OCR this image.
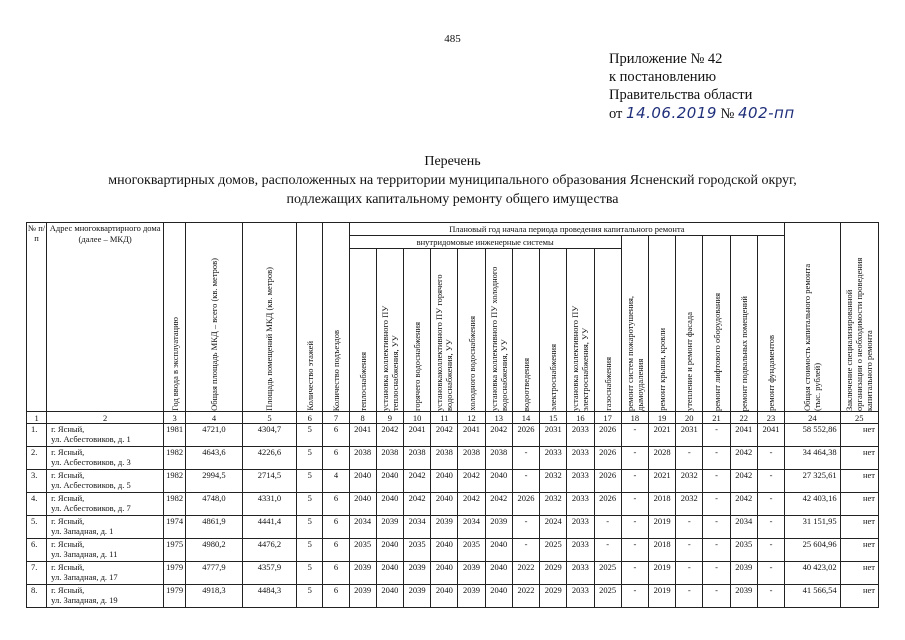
485
Приложение № 42
к постановлению
Правительства области
от 14.06.2019 № 402-пп
Перечень
многоквартирных домов, расположенных на территории муниципального образования Ясненский городской округ,
подлежащих капитальному ремонту общего имущества
№ п/п	Адрес многоквартирного дома (далее – МКД)	Год ввода в эксплуатацию	Общая площадь МКД – всего (кв. метров)	Площадь помещений МКД (кв. метров)	Количество этажей	Количество подъездов	Плановый год начала периода проведения капитального ремонта																Общая стоимость капитального ремонта (тыс. рублей)	Заключение специализированной организации о необходимости проведения капитального ремонта

							внутридомовые инженерные системы										ремонт систем пожаротушения, дымоудаления	ремонт крыши, кровли	утепление и ремонт фасада	ремонт лифтового оборудования	ремонт подвальных помещений	ремонт фундаментов		

							теплоснабжения	установка коллективного ПУ теплоснабжения, УУ	горячего водоснабжения	установкаколлективного ПУ горячего водоснабжения, УУ	холодного водоснабжения	установка коллективного ПУ холодного водоснабжения, УУ	водоотведения	электроснабжения	установка коллективного ПУ электроснабжения, УУ	газоснабжения								

1	2	3	4	5	6	7	8	9	10	11	12	13	14	15	16	17	18	19	20	21	22	23	24	25
1.	г. Ясный,
ул. Асбестовиков, д. 1	1981	4721,0	4304,7	5	6	2041	2042	2041	2042	2041	2042	2026	2031	2033	2026	-	2021	2031	-	2041	2041	58 552,86	нет
2.	г. Ясный,
ул. Асбестовиков, д. 3	1982	4643,6	4226,6	5	6	2038	2038	2038	2038	2038	2038	-	2033	2033	2026	-	2028	-	-	2042	-	34 464,38	нет
3.	г. Ясный,
ул. Асбестовиков, д. 5	1982	2994,5	2714,5	5	4	2040	2040	2042	2040	2042	2040	-	2032	2033	2026	-	2021	2032	-	2042	-	27 325,61	нет
4.	г. Ясный,
ул. Асбестовиков, д. 7	1982	4748,0	4331,0	5	6	2040	2040	2042	2040	2042	2042	2026	2032	2033	2026	-	2018	2032	-	2042	-	42 403,16	нет
5.	г. Ясный,
ул. Западная, д. 1	1974	4861,9	4441,4	5	6	2034	2039	2034	2039	2034	2039	-	2024	2033	-	-	2019	-	-	2034	-	31 151,95	нет
6.	г. Ясный,
ул. Западная, д. 11	1975	4980,2	4476,2	5	6	2035	2040	2035	2040	2035	2040	-	2025	2033	-	-	2018	-	-	2035	-	25 604,96	нет
7.	г. Ясный,
ул. Западная, д. 17	1979	4777,9	4357,9	5	6	2039	2040	2039	2040	2039	2040	2022	2029	2033	2025	-	2019	-	-	2039	-	40 423,02	нет
8.	г. Ясный,
ул. Западная, д. 19	1979	4918,3	4484,3	5	6	2039	2040	2039	2040	2039	2040	2022	2029	2033	2025	-	2019	-	-	2039	-	41 566,54	нет
